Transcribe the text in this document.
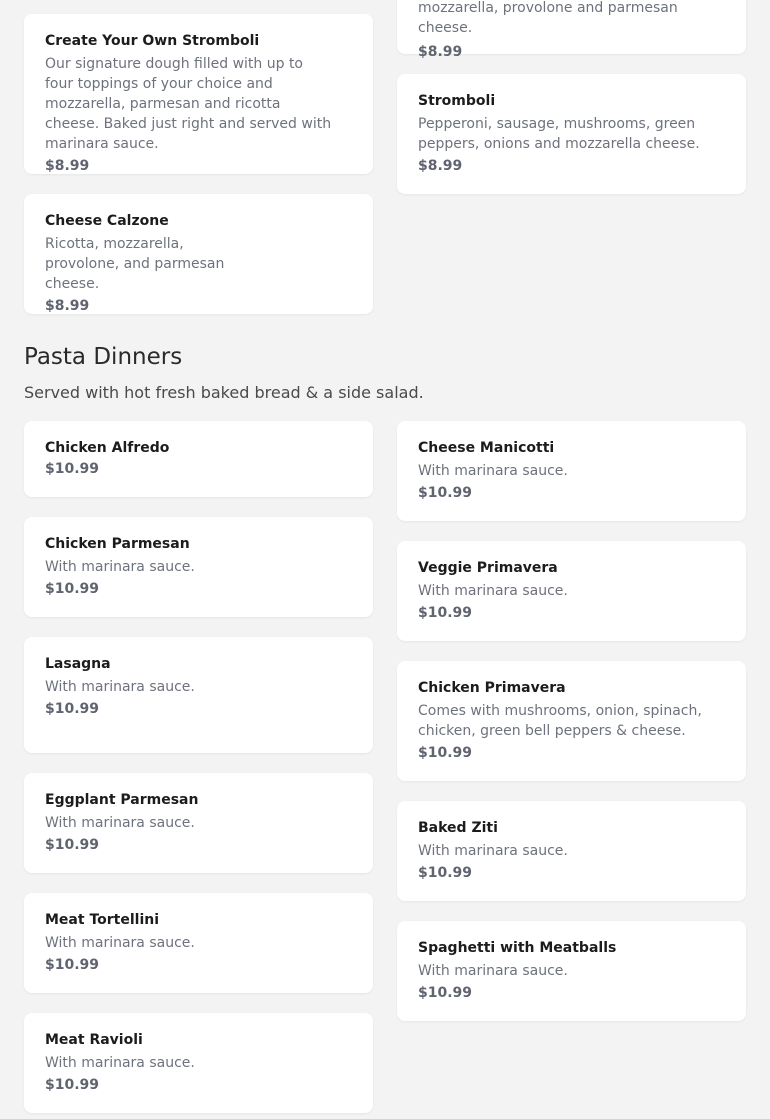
mozzarella, provolone and parmesan cheese.
$8.99
Create Your Own Stromboli
Our signature dough filled with up to four toppings of your choice and mozzarella, parmesan and ricotta cheese. Baked just right and served with marinara sauce.
$8.99
Stromboli
Pepperoni, sausage, mushrooms, green peppers, onions and mozzarella cheese.
$8.99
Cheese Calzone
Ricotta, mozzarella, provolone, and parmesan cheese.
$8.99
Pasta Dinners

Served with hot fresh baked bread & a side salad.

Chicken Alfredo
$10.99
Chicken Parmesan
With marinara sauce.
$10.99
Lasagna
With marinara sauce.
$10.99
Eggplant Parmesan
With marinara sauce.
$10.99
Meat Tortellini
With marinara sauce.
$10.99
Meat Ravioli
With marinara sauce.
$10.99
Cheese Manicotti
With marinara sauce.
$10.99
Veggie Primavera
With marinara sauce.
$10.99
Chicken Primavera
Comes with mushrooms, onion, spinach, chicken, green bell peppers & cheese.
$10.99
Baked Ziti
With marinara sauce.
$10.99
Spaghetti with Meatballs
With marinara sauce.
$10.99
